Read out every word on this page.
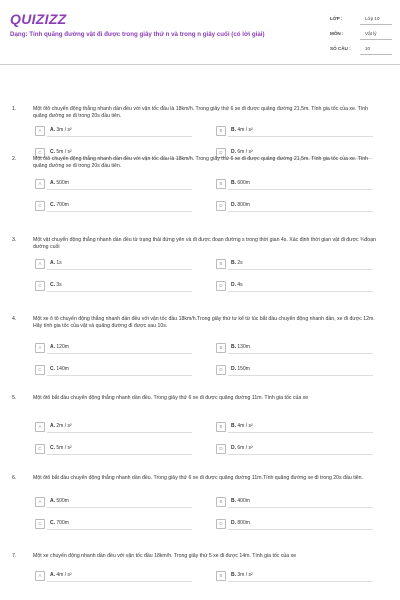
QUIZIZZ
Dạng: Tính quãng đường vật đi được trong giây thứ n và trong n giây cuối (có lời giải)
LỚP :	Lớp 10
MÔN :	Vật lý
SỐ CÂU :	10
1.	Một ôtô chuyển động thẳng nhanh dần đều với vận tốc đầu là 18km/h. Trong giây thứ 6 xe đi được quãng đường 21,5m. Tính gia tốc của xe. Tính quãng đường xe đi trong 20s đầu tiên.
A	A. 3m / s²	B	B. 4m / s²
C	C. 5m / s²	D	D. 6m / s²
2.	Một ôtô chuyển động thẳng nhanh dần đều với vận tốc đầu là 18km/h. Trong giây thứ 6 xe đi được quãng đường 21,5m. Tính gia tốc của xe. Tính quãng đường xe đi trong 20s đầu tiên.
A	A. 500m	B	B. 600m
C	C. 700m	D	D. 800m
3.	Một vật chuyển động thẳng nhanh dần đều từ trạng thái đứng yên và đi được đoạn đường s trong thời gian 4s. Xác định thời gian vật đi được ¾đoạn đường cuối
A	A. 1s	B	B. 2s
C	C. 3s	D	D. 4s
4.	Một xe ô tô chuyển động thẳng nhanh dần đều với vận tốc đầu 18km/h.Trong giây thứ tư kể từ lúc bắt đầu chuyển động nhanh dần, xe đi được 12m. Hãy tính gia tốc của vật và quãng đường đi được sau 10s.
A	A. 120m	B	B. 130m
C	C. 140m	D	D. 150m
5.	Một ôtô bắt đầu chuyển động thẳng nhanh dần đều. Trong giây thứ 6 xe đi được quãng đường 11m. Tính gia tốc của xe
A	A. 2m / s²	B	B. 4m / s²
C	C. 5m / s²	D	D. 6m / s²
6.	Một ôtô bắt đầu chuyển động thẳng nhanh dần đều. Trong giây thứ 6 xe đi được quãng đường 11m.Tính quãng đường xe đi trong 20s đầu tiên.
A	A. 500m	B	B. 400m
C	C. 700m	D	D. 800m
7.	Một xe chuyển động nhanh dần đều với vận tốc đầu 18km/h. Trong giây thứ 5 xe đi được 14m. Tính gia tốc của xe
A	A. 4m / s²	B	B. 3m / s²
